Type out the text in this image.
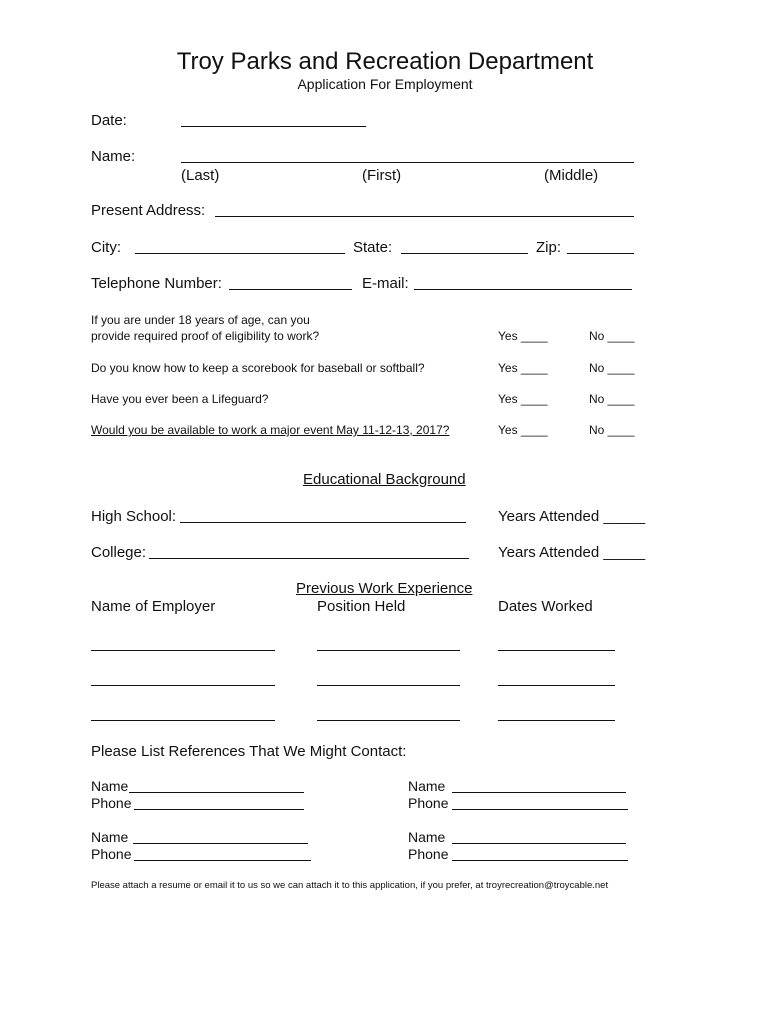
Troy Parks and Recreation Department
Application For Employment
Date:
Name:
(Last)	(First)	(Middle)
Present Address:
City:	State:	Zip:
Telephone Number:	E-mail:
If you are under 18 years of age, can you
provide required proof of eligibility to work?	Yes ____	No ____
Do you know how to keep a scorebook for baseball or softball?	Yes ____	No ____
Have you ever been a Lifeguard?	Yes ____	No ____
Would you be available to work a major event May 11-12-13, 2017?	Yes ____	No ____
Educational Background
High School:	Years Attended _____
College:	Years Attended _____
Previous Work Experience
Name of Employer	Position Held	Dates Worked
Please List References That We Might Contact:
Name
Phone
Name
Phone
Name
Phone
Name
Phone
Please attach a resume or email it to us so we can attach it to this application, if you prefer, at troyrecreation@troycable.net
